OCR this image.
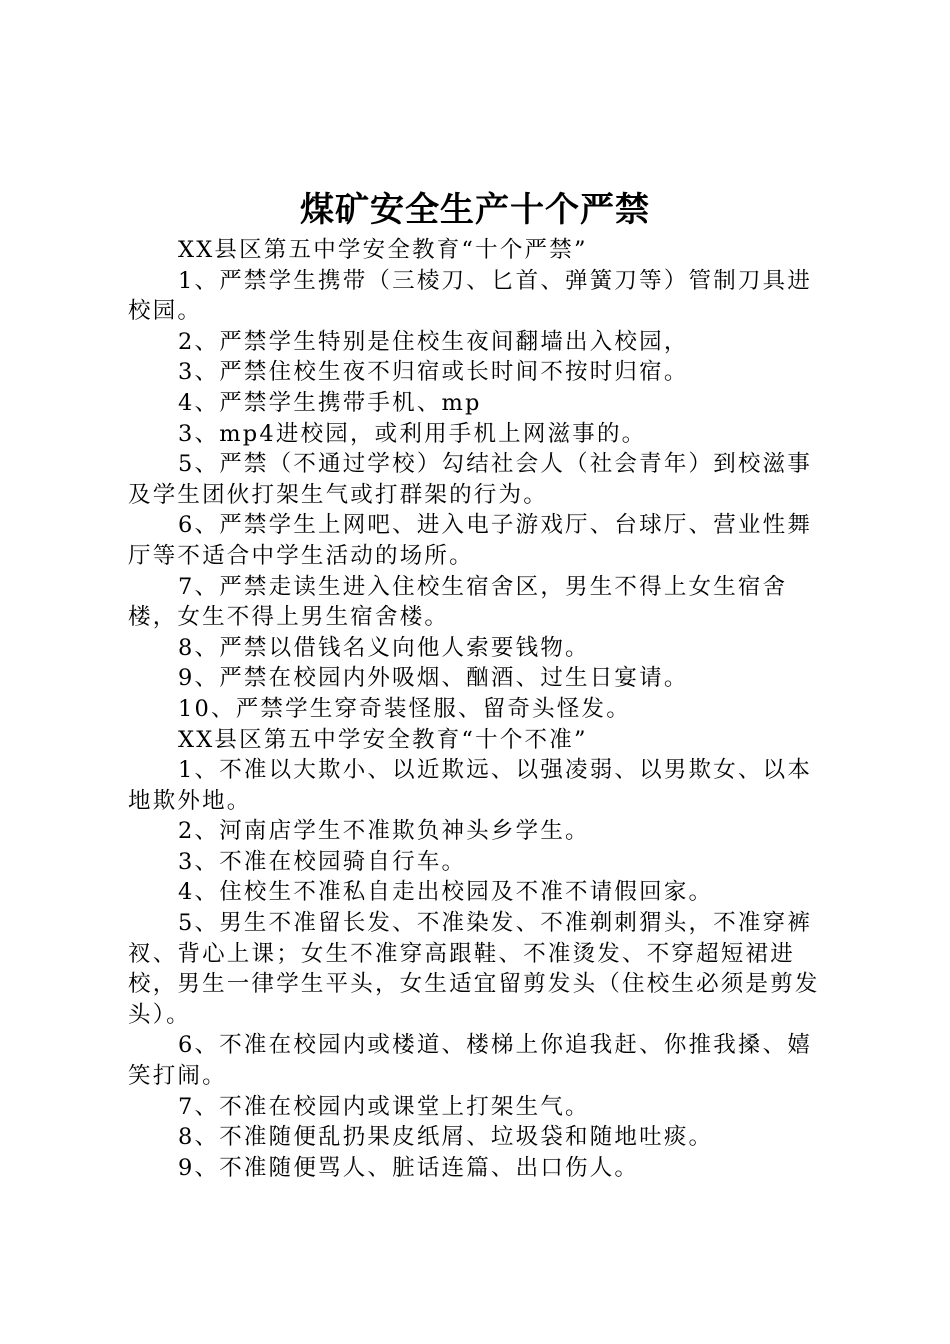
煤矿安全生产十个严禁

XX县区第五中学安全教育“十个严禁”

1、严禁学生携带（三棱刀、匕首、弹簧刀等）管制刀具进校园。

2、严禁学生特别是住校生夜间翻墙出入校园，

3、严禁住校生夜不归宿或长时间不按时归宿。

4、严禁学生携带手机、mp

3、mp4进校园，或利用手机上网滋事的。

5、严禁（不通过学校）勾结社会人（社会青年）到校滋事及学生团伙打架生气或打群架的行为。

6、严禁学生上网吧、进入电子游戏厅、台球厅、营业性舞厅等不适合中学生活动的场所。

7、严禁走读生进入住校生宿舍区，男生不得上女生宿舍楼，女生不得上男生宿舍楼。

8、严禁以借钱名义向他人索要钱物。

9、严禁在校园内外吸烟、酗酒、过生日宴请。

10、严禁学生穿奇装怪服、留奇头怪发。

XX县区第五中学安全教育“十个不准”

1、不准以大欺小、以近欺远、以强凌弱、以男欺女、以本地欺外地。

2、河南店学生不准欺负神头乡学生。

3、不准在校园骑自行车。

4、住校生不准私自走出校园及不准不请假回家。

5、男生不准留长发、不准染发、不准剃刺猬头，不准穿裤衩、背心上课；女生不准穿高跟鞋、不准烫发、不穿超短裙进校，男生一律学生平头，女生适宜留剪发头（住校生必须是剪发头）。

6、不准在校园内或楼道、楼梯上你追我赶、你推我搡、嬉笑打闹。

7、不准在校园内或课堂上打架生气。

8、不准随便乱扔果皮纸屑、垃圾袋和随地吐痰。

9、不准随便骂人、脏话连篇、出口伤人。
